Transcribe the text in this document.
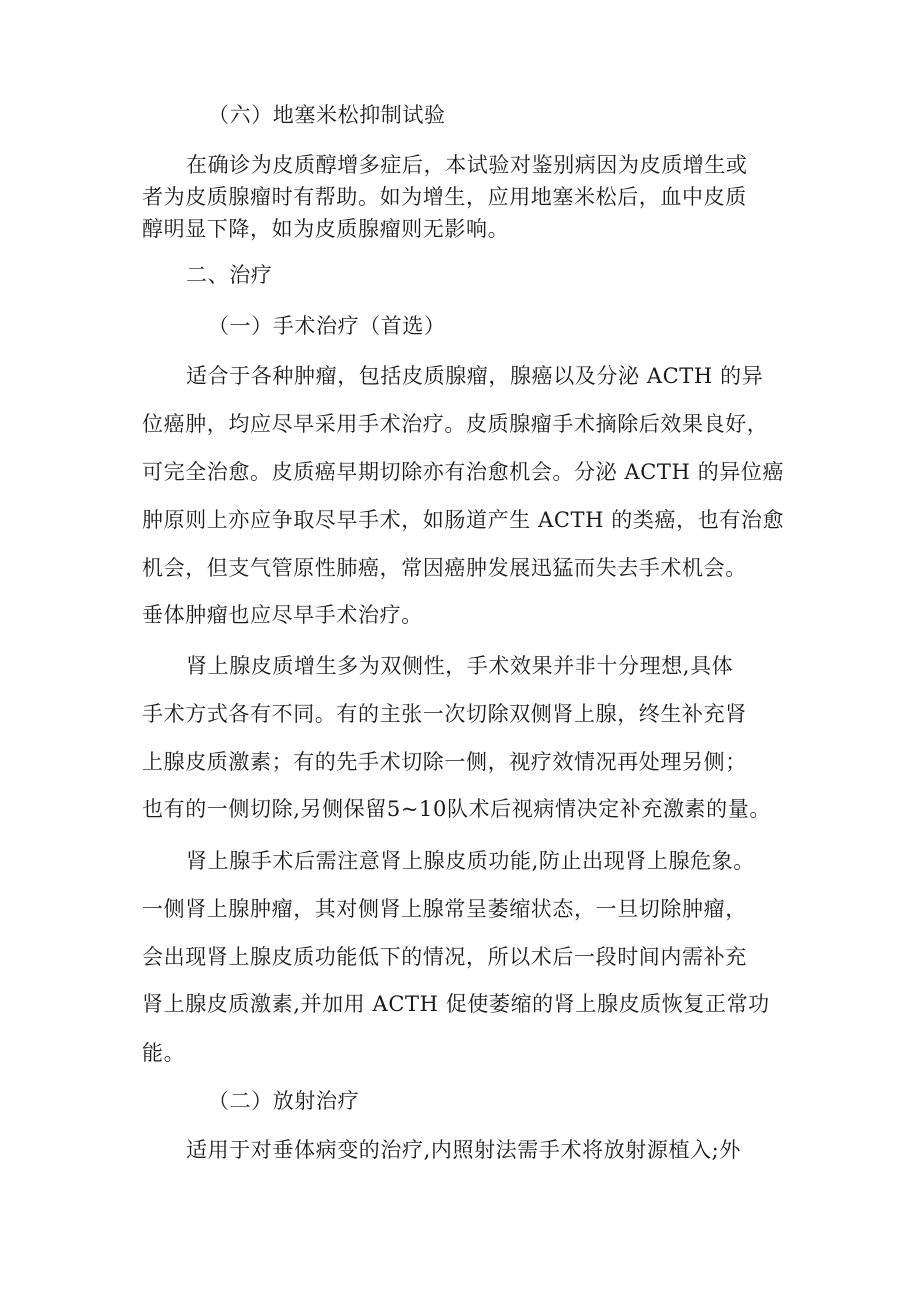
（六）地塞米松抑制试验
在确诊为皮质醇增多症后，本试验对鉴别病因为皮质增生或
者为皮质腺瘤时有帮助。如为增生，应用地塞米松后，血中皮质
醇明显下降，如为皮质腺瘤则无影响。
二、治疗
（一）手术治疗（首选）
适合于各种肿瘤，包括皮质腺瘤，腺癌以及分泌 ACTH 的异
位癌肿，均应尽早采用手术治疗。皮质腺瘤手术摘除后效果良好，
可完全治愈。皮质癌早期切除亦有治愈机会。分泌 ACTH 的异位癌
肿原则上亦应争取尽早手术，如肠道产生 ACTH 的类癌，也有治愈
机会，但支气管原性肺癌，常因癌肿发展迅猛而失去手术机会。
垂体肿瘤也应尽早手术治疗。
肾上腺皮质增生多为双侧性，手术效果并非十分理想,具体
手术方式各有不同。有的主张一次切除双侧肾上腺，终生补充肾
上腺皮质激素；有的先手术切除一侧，视疗效情况再处理另侧；
也有的一侧切除,另侧保留5~10队术后视病情决定补充激素的量。
肾上腺手术后需注意肾上腺皮质功能,防止出现肾上腺危象。
一侧肾上腺肿瘤，其对侧肾上腺常呈萎缩状态，一旦切除肿瘤，
会出现肾上腺皮质功能低下的情况，所以术后一段时间内需补充
肾上腺皮质激素,并加用 ACTH 促使萎缩的肾上腺皮质恢复正常功
能。
（二）放射治疗
适用于对垂体病变的治疗,内照射法需手术将放射源植入;外
